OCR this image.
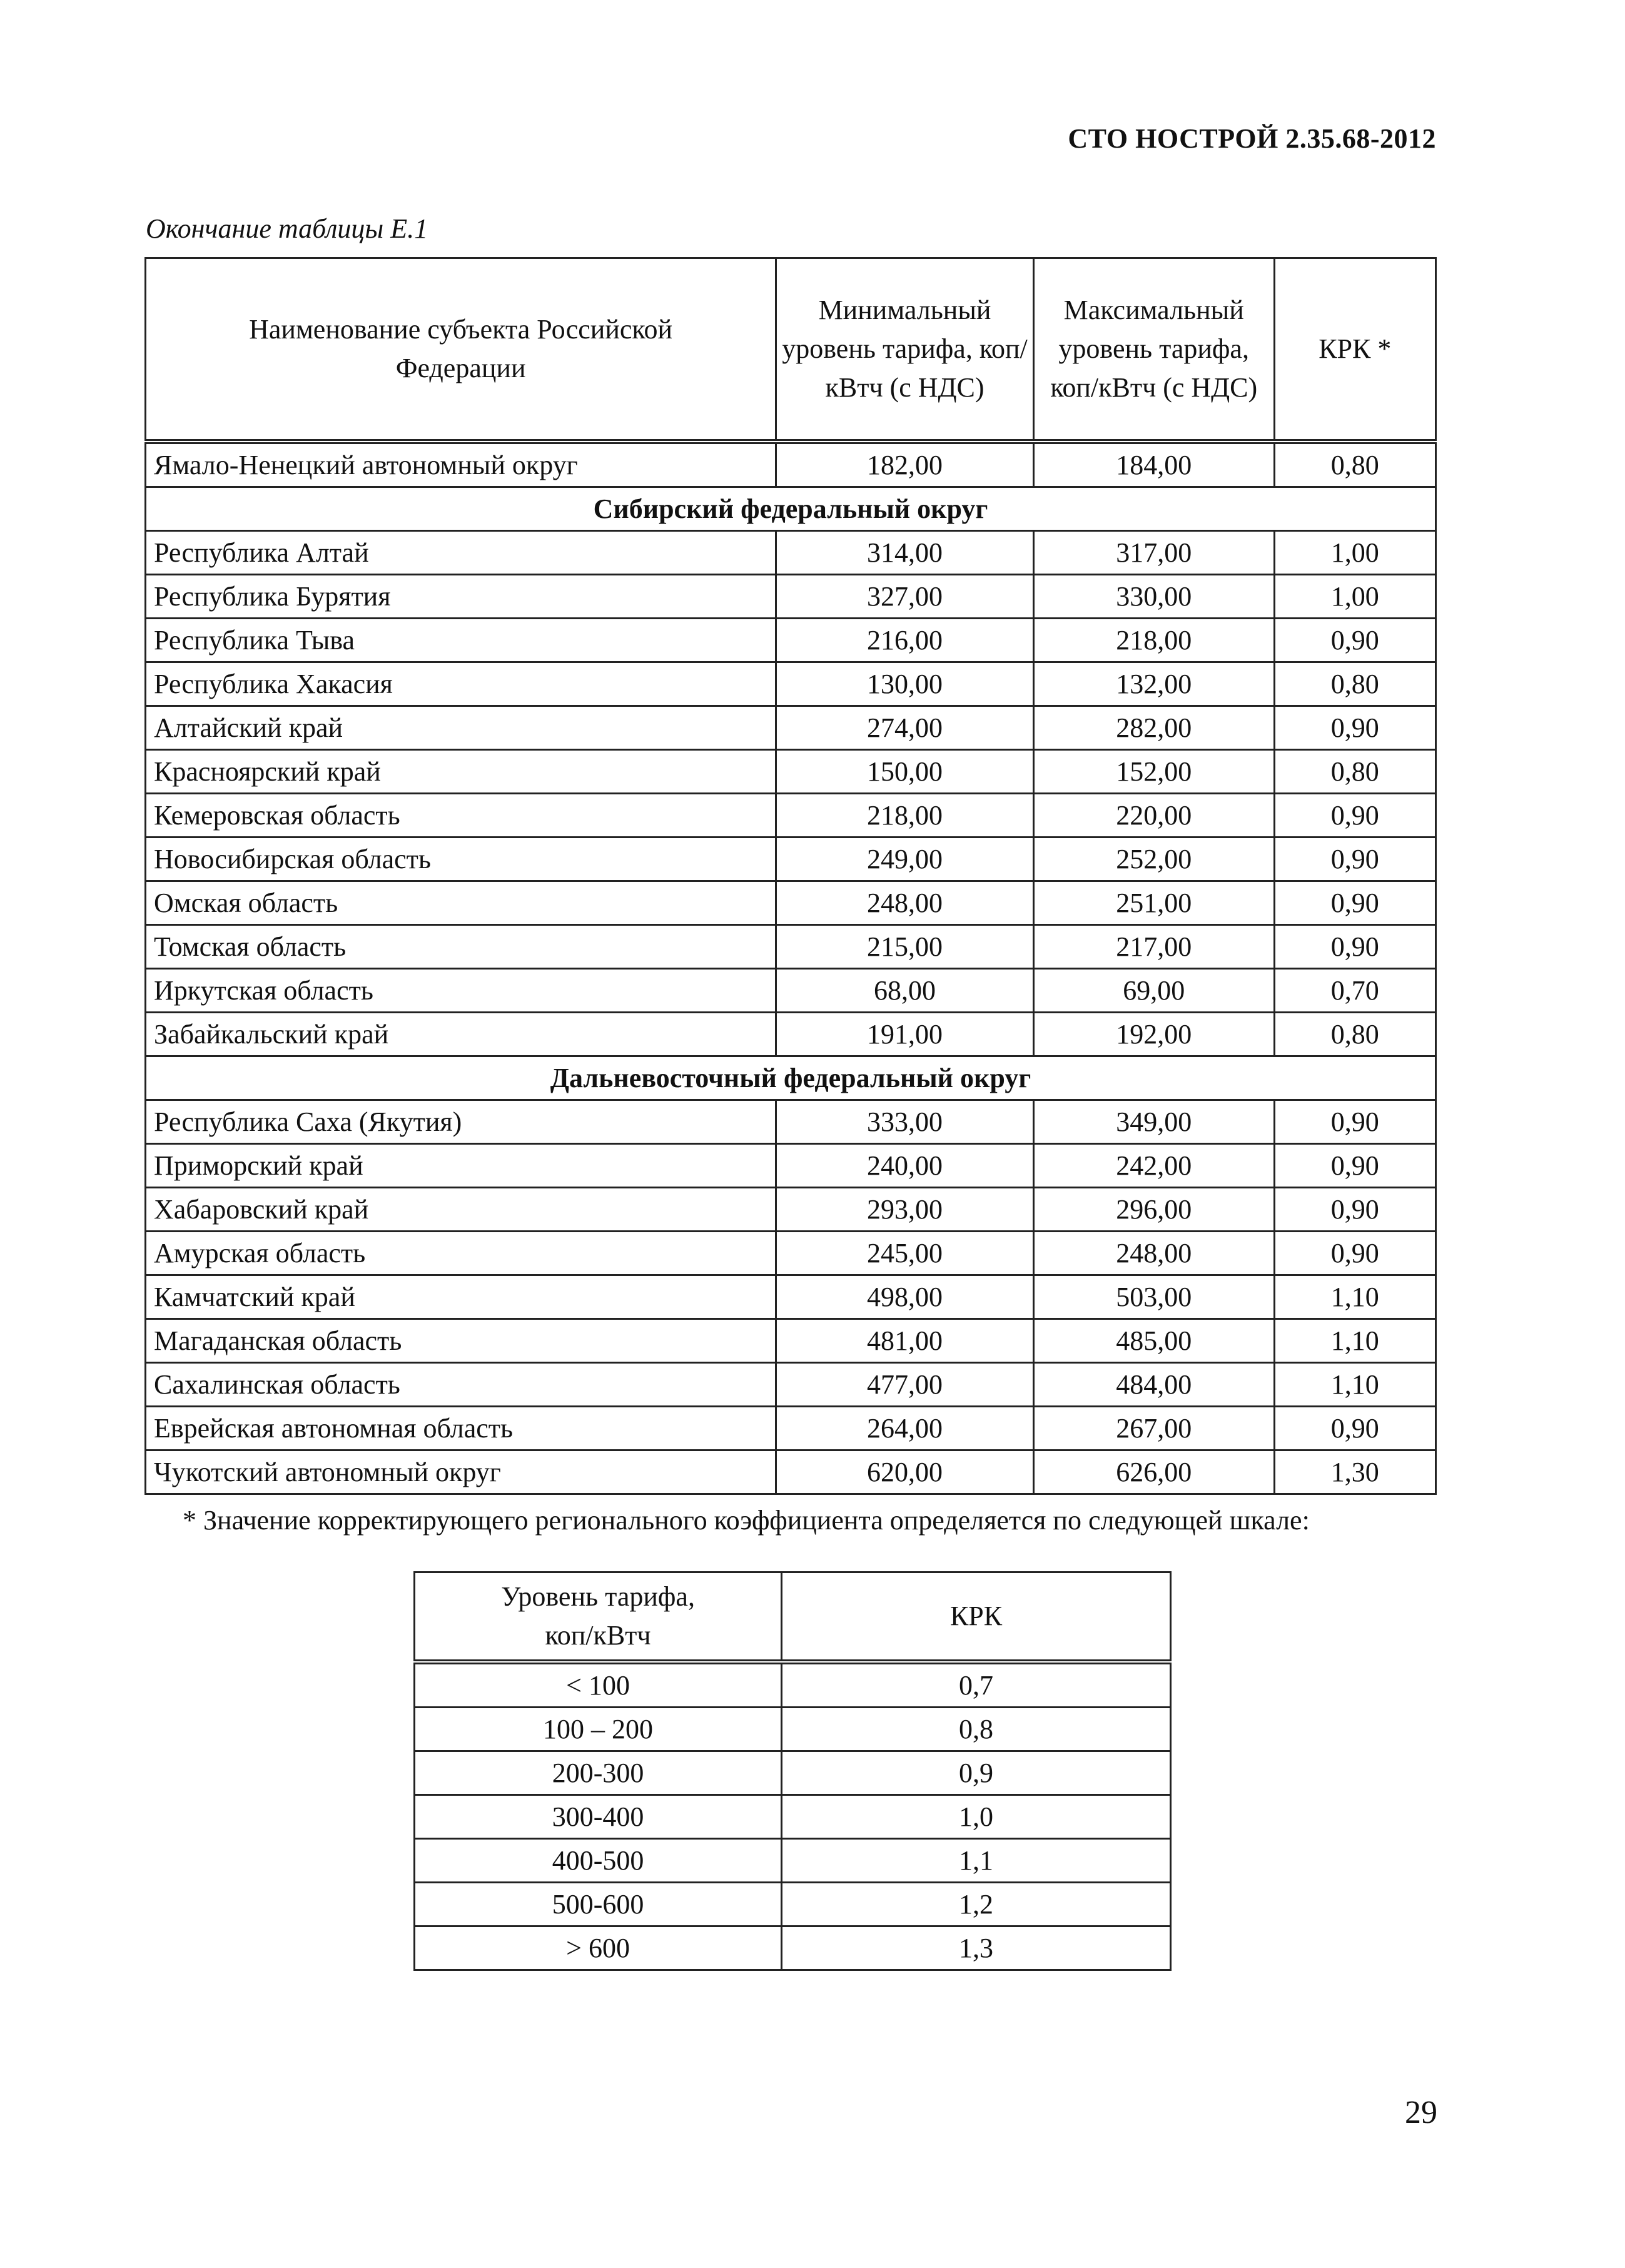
СТО НОСТРОЙ 2.35.68-2012
Окончание таблицы Е.1
Наименование субъекта Российской Федерации	Минимальный уровень тарифа, коп/кВтч (с НДС)	Максимальный уровень тарифа, коп/кВтч (с НДС)	КРК *
Ямало-Ненецкий автономный округ	182,00	184,00	0,80
Сибирский федеральный округ			
Республика Алтай	314,00	317,00	1,00
Республика Бурятия	327,00	330,00	1,00
Республика Тыва	216,00	218,00	0,90
Республика Хакасия	130,00	132,00	0,80
Алтайский край	274,00	282,00	0,90
Красноярский край	150,00	152,00	0,80
Кемеровская область	218,00	220,00	0,90
Новосибирская область	249,00	252,00	0,90
Омская область	248,00	251,00	0,90
Томская область	215,00	217,00	0,90
Иркутская область	68,00	69,00	0,70
Забайкальский край	191,00	192,00	0,80
Дальневосточный федеральный округ			
Республика Саха (Якутия)	333,00	349,00	0,90
Приморский край	240,00	242,00	0,90
Хабаровский край	293,00	296,00	0,90
Амурская область	245,00	248,00	0,90
Камчатский край	498,00	503,00	1,10
Магаданская область	481,00	485,00	1,10
Сахалинская область	477,00	484,00	1,10
Еврейская автономная область	264,00	267,00	0,90
Чукотский автономный округ	620,00	626,00	1,30
* Значение корректирующего регионального коэффициента определяется по следующей шкале:
Уровень тарифа, коп/кВтч	КРК
< 100	0,7
100 – 200	0,8
200-300	0,9
300-400	1,0
400-500	1,1
500-600	1,2
> 600	1,3
29
